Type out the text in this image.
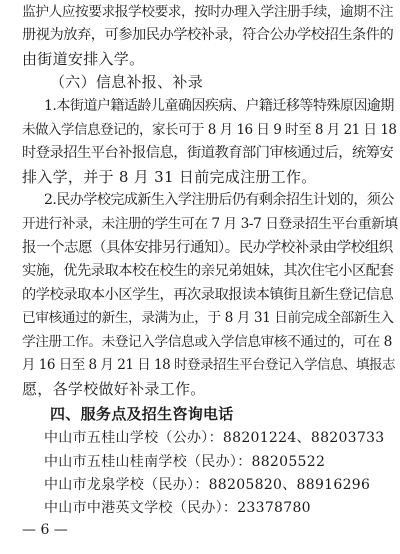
监护人应按要求报学校要求，按时办理入学注册手续，逾期不注
册视为放弃，可参加民办学校补录，符合公办学校招生条件的
由街道安排入学。
（六）信息补报、补录
1.本街道户籍适龄儿童确因疾病、户籍迁移等特殊原因逾期
未做入学信息登记的，家长可于 8 月 16 日 9 时至 8 月 21 日 18
时登录招生平台补报信息，街道教育部门审核通过后，统筹安
排入学，并于 8 月 31 日前完成注册工作。
2.民办学校完成新生入学注册后仍有剩余招生计划的，须公
开进行补录，未注册的学生可在 7 月 3-7 日登录招生平台重新填
报一个志愿（具体安排另行通知）。民办学校补录由学校组织
实施，优先录取本校在校生的亲兄弟姐妹，其次住宅小区配套
的学校录取本小区学生，再次录取报读本镇街且新生登记信息
已审核通过的新生，录满为止，于 8 月 31 日前完成全部新生入
学注册工作。未登记入学信息或入学信息审核不通过的，可在 8
月 16 日至 8 月 21 日 18 时登录招生平台登记入学信息、填报志
愿，各学校做好补录工作。
四、服务点及招生咨询电话
中山市五桂山学校（公办）：88201224、88203733
中山市五桂山桂南学校（民办）：88205522
中山市龙泉学校（民办）：88205820、88916296
中山市中港英文学校（民办）：23378780
— 6 —
